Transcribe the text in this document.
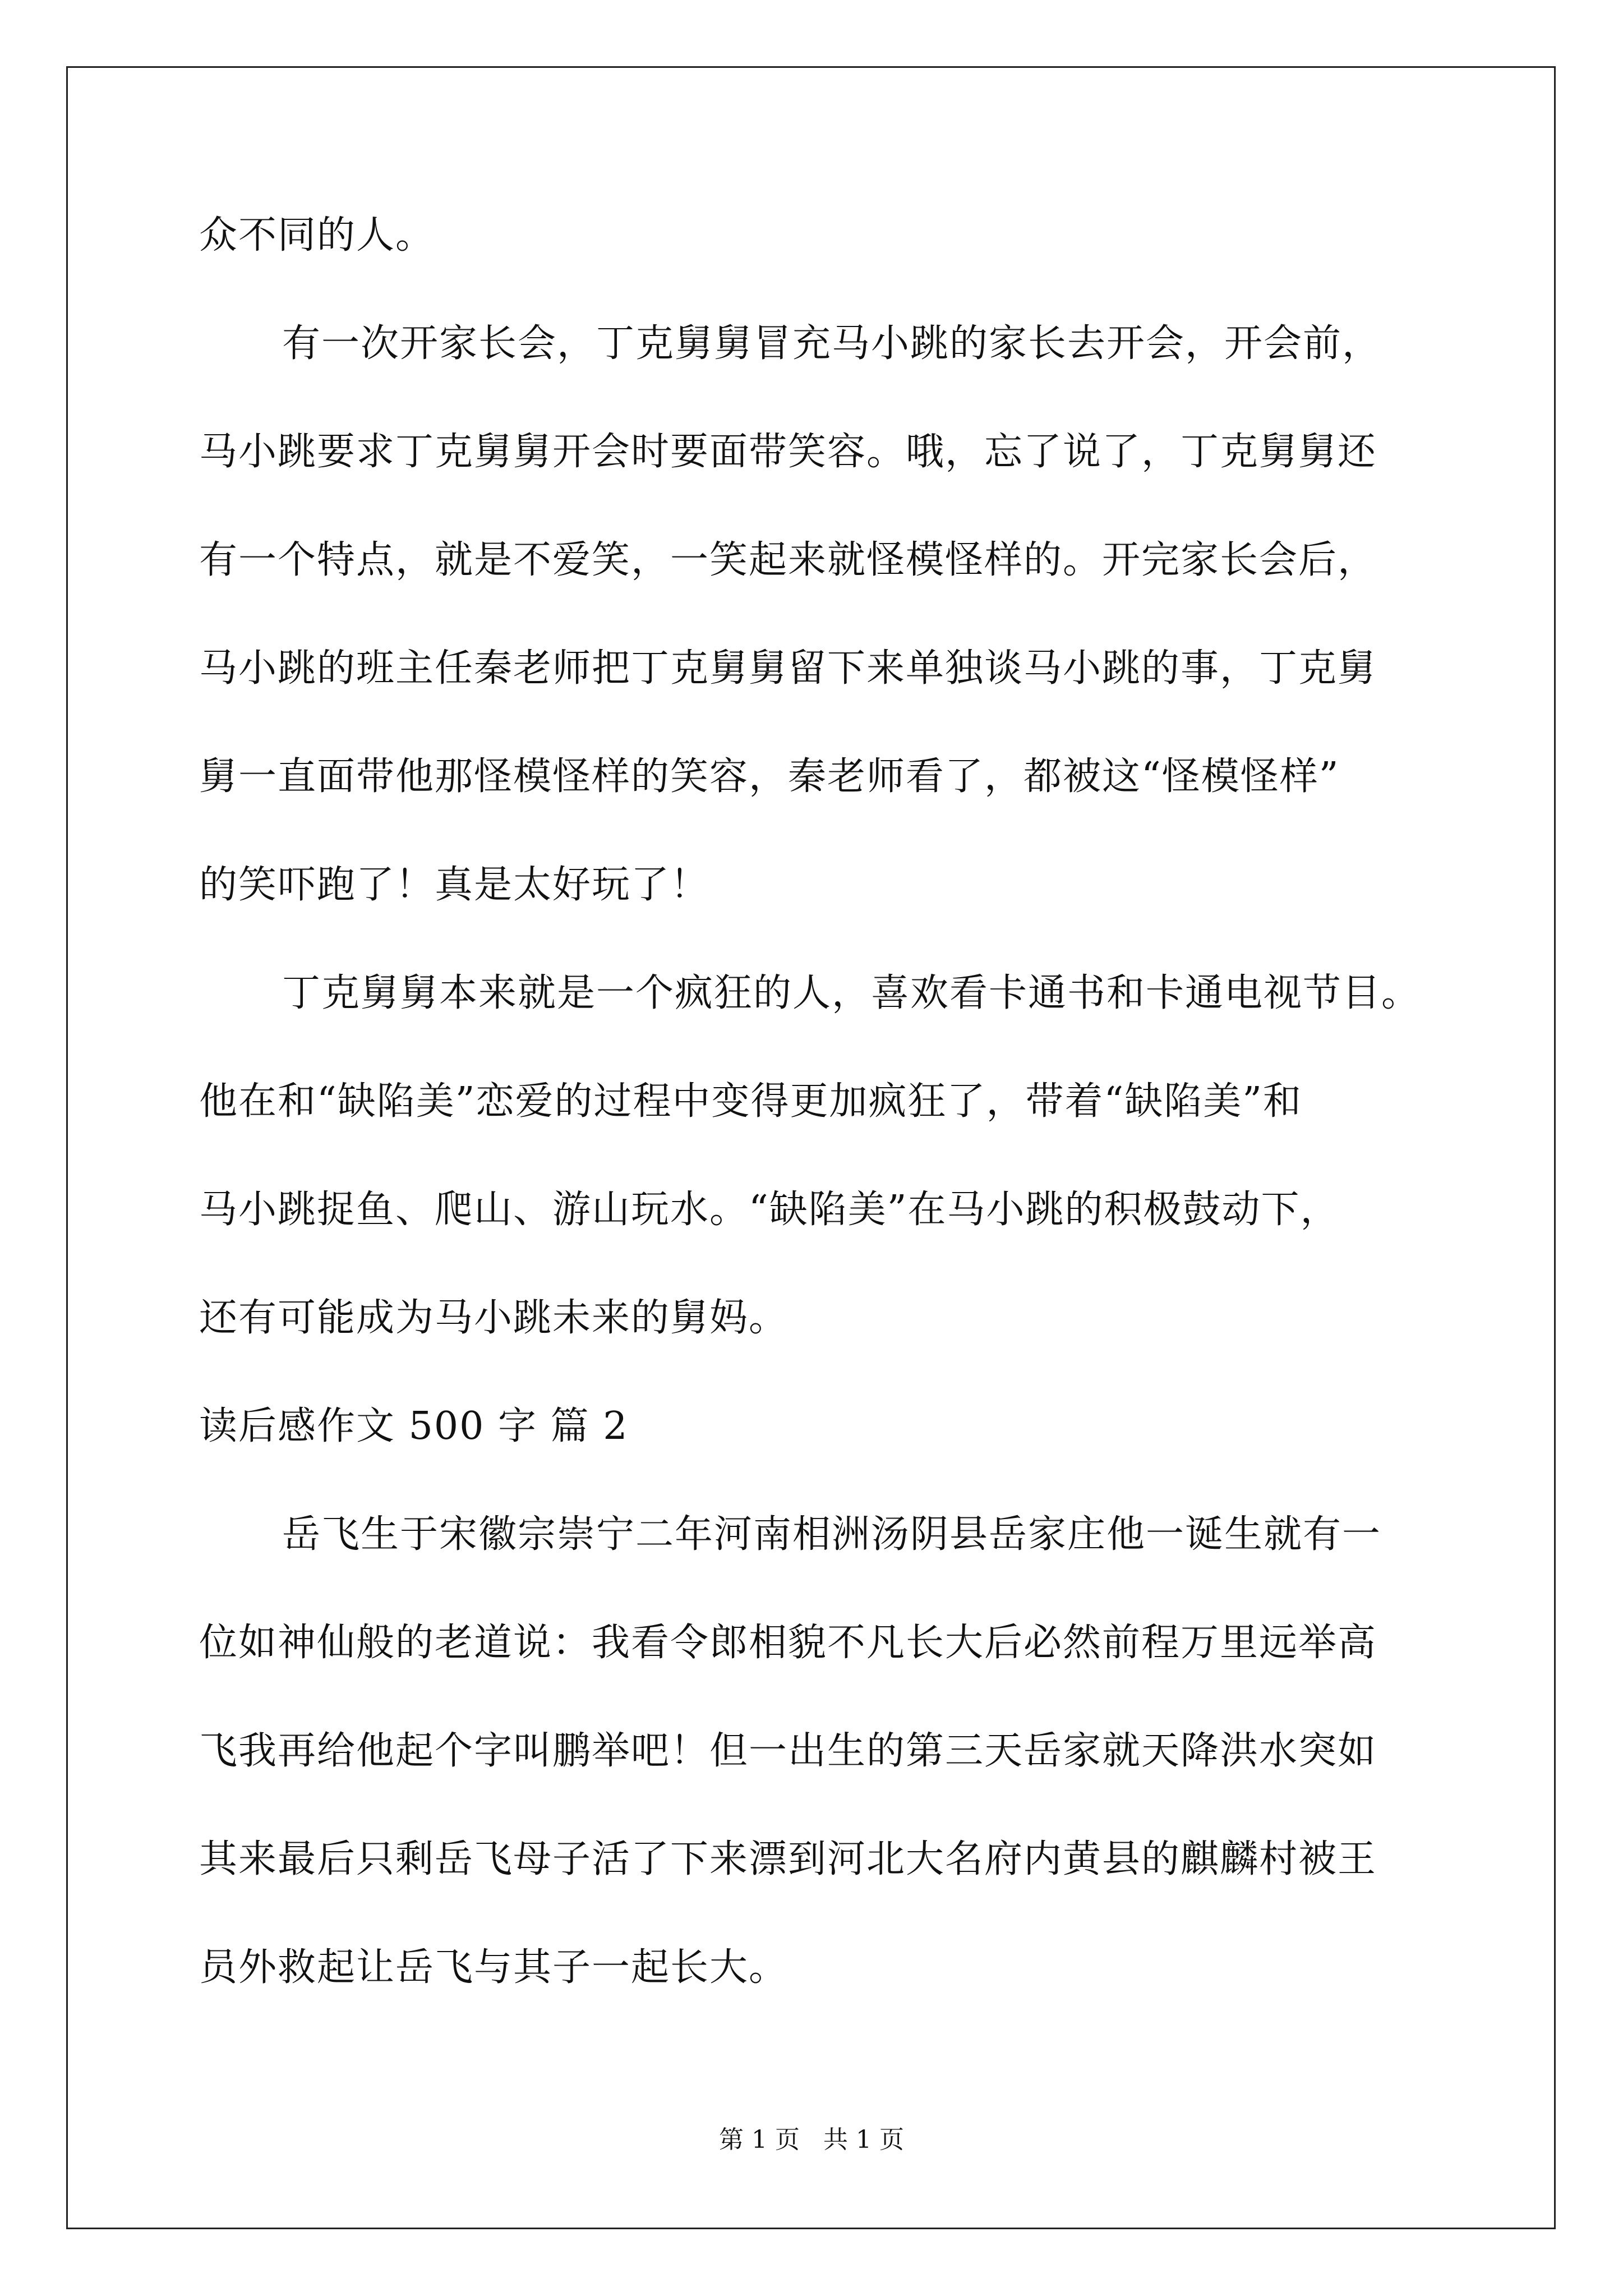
众不同的人。
有一次开家长会，丁克舅舅冒充马小跳的家长去开会，开会前，
马小跳要求丁克舅舅开会时要面带笑容。哦，忘了说了，丁克舅舅还
有一个特点，就是不爱笑，一笑起来就怪模怪样的。开完家长会后，
马小跳的班主任秦老师把丁克舅舅留下来单独谈马小跳的事，丁克舅
舅一直面带他那怪模怪样的笑容，秦老师看了，都被这“怪模怪样”
的笑吓跑了！真是太好玩了！
丁克舅舅本来就是一个疯狂的人，喜欢看卡通书和卡通电视节目。
他在和“缺陷美”恋爱的过程中变得更加疯狂了，带着“缺陷美”和
马小跳捉鱼、爬山、游山玩水。“缺陷美”在马小跳的积极鼓动下，
还有可能成为马小跳未来的舅妈。
读后感作文 500 字 篇 2
岳飞生于宋徽宗崇宁二年河南相洲汤阴县岳家庄他一诞生就有一
位如神仙般的老道说：我看令郎相貌不凡长大后必然前程万里远举高
飞我再给他起个字叫鹏举吧！但一出生的第三天岳家就天降洪水突如
其来最后只剩岳飞母子活了下来漂到河北大名府内黄县的麒麟村被王
员外救起让岳飞与其子一起长大。
第 1 页 共 1 页
